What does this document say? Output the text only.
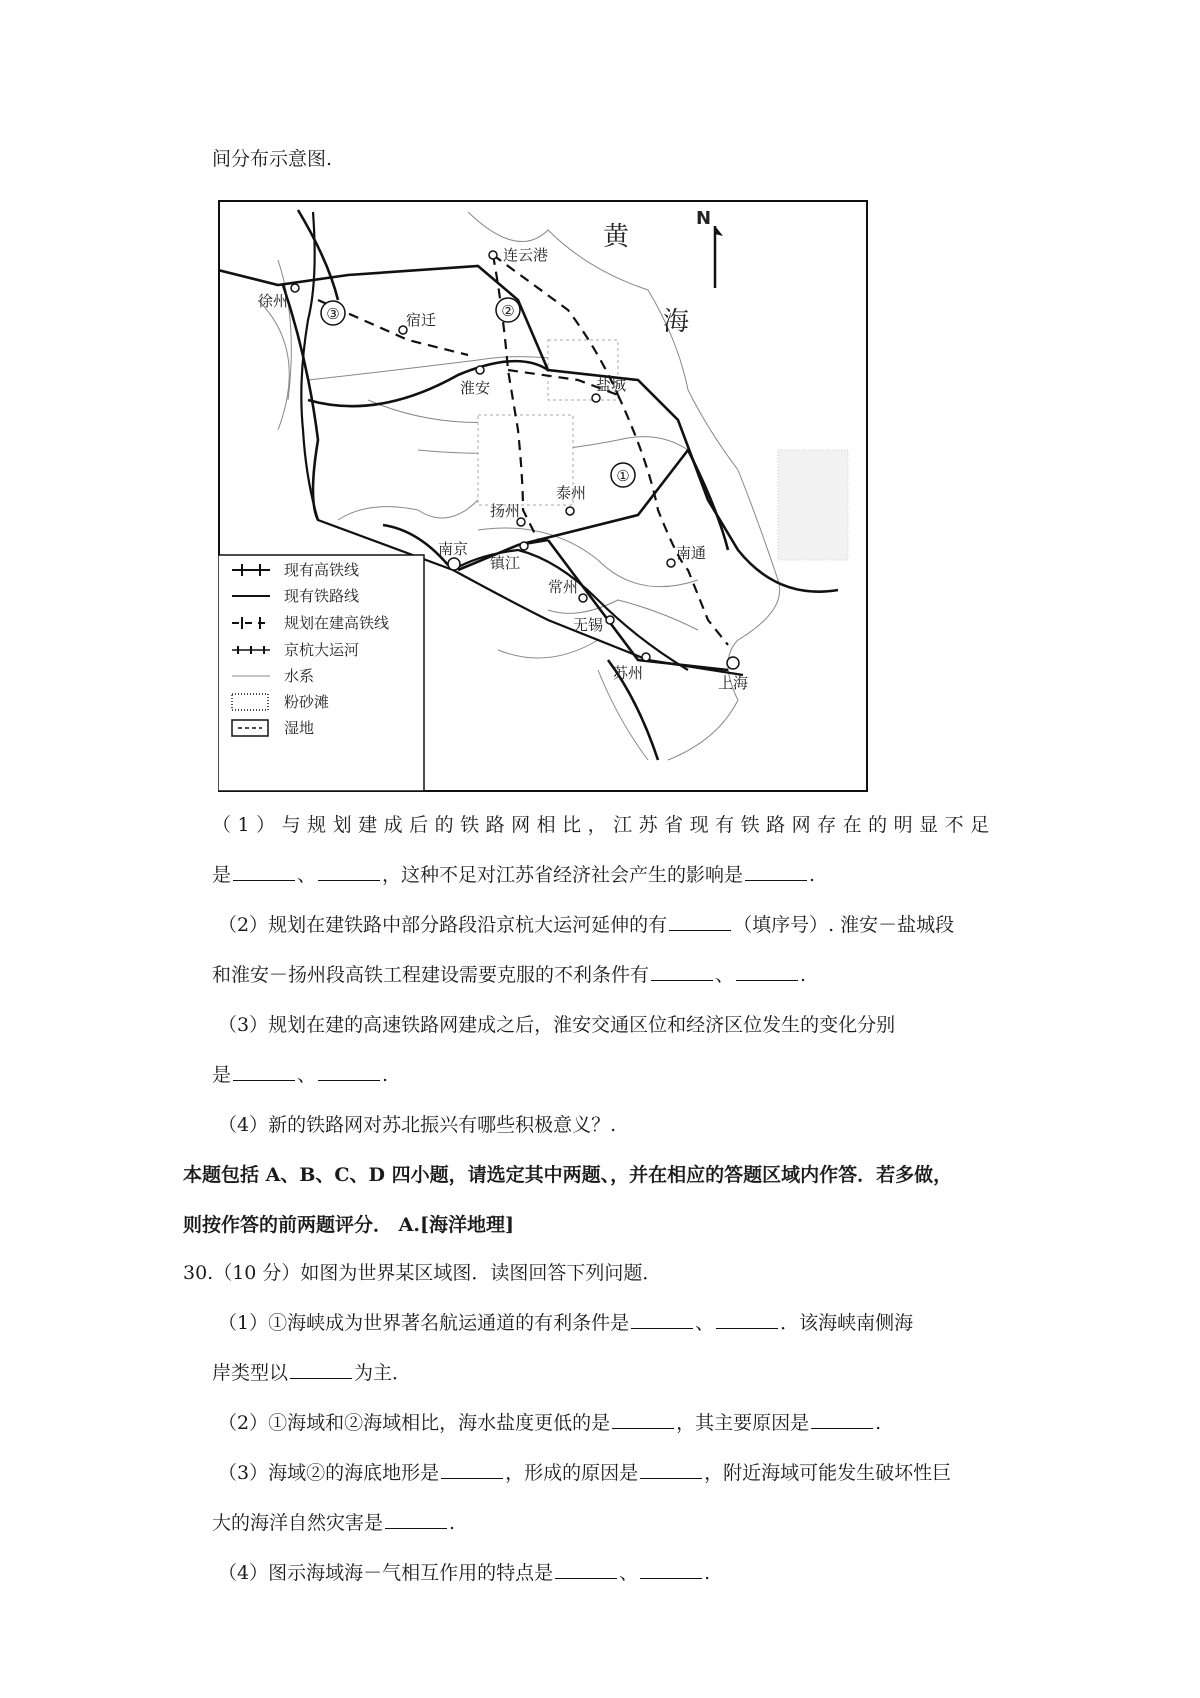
间分布示意图.
③	②
①
连云港
徐州
宿迁
淮安	盐城
泰州
扬州
南京
镇江
常州
南通
无锡
苏州
上海
黄
海
N
现有高铁线
现有铁路线
规划在建高铁线
京杭大运河
水系
粉砂滩
湿地
（1）与规划建成后的铁路网相比，江苏省现有铁路网存在的明显不足
是	、	，这种不足对江苏省经济社会产生的影响是	.
（2）规划在建铁路中部分路段沿京杭大运河延伸的有	（填序号）. 淮安－盐城段
和淮安－扬州段高铁工程建设需要克服的不利条件有	、	.
（3）规划在建的高速铁路网建成之后，淮安交通区位和经济区位发生的变化分别
是	、	.
（4）新的铁路网对苏北振兴有哪些积极意义？.
本题包括 A、B、C、D 四小题，请选定其中两题、，并在相应的答题区域内作答．若多做，
则按作答的前两题评分． A.[海洋地理]
30.（10 分）如图为世界某区域图．读图回答下列问题．
（1）①海峡成为世界著名航运通道的有利条件是	、	．该海峡南侧海
岸类型以	为主．
（2）①海域和②海域相比，海水盐度更低的是	，其主要原因是	.
（3）海域②的海底地形是	，形成的原因是	，附近海域可能发生破坏性巨
大的海洋自然灾害是	.
（4）图示海域海－气相互作用的特点是	、	.
